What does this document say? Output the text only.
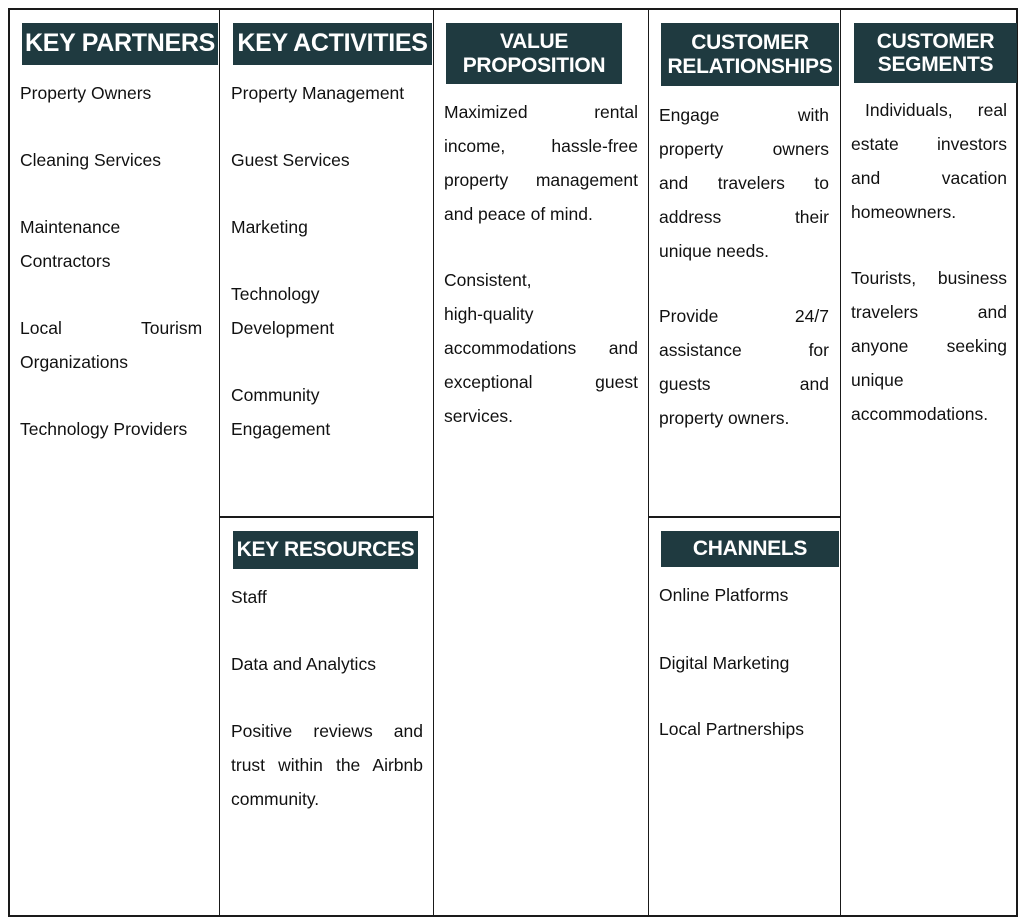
KEY PARTNERS
Property Owners
Cleaning Services
Maintenance
Contractors
Local	Tourism
Organizations
Technology Providers
KEY ACTIVITIES
Property Management
Guest Services
Marketing
Technology
Development
Community
Engagement
KEY RESOURCES
Staff
Data and Analytics
Positive reviews and
trust within the Airbnb
community.
VALUE
PROPOSITION
Maximized rental
income, hassle-free
property management
and peace of mind.
Consistent,
high-quality
accommodations and
exceptional guest
services.
CUSTOMER
RELATIONSHIPS
Engage with
property owners
and travelers to
address their
unique needs.
Provide 24/7
assistance for
guests and
property owners.
CHANNELS
Online Platforms
Digital Marketing
Local Partnerships
CUSTOMER
SEGMENTS
Individuals, real
estate investors
and vacation
homeowners.
Tourists, business
travelers and
anyone seeking
unique
accommodations.
